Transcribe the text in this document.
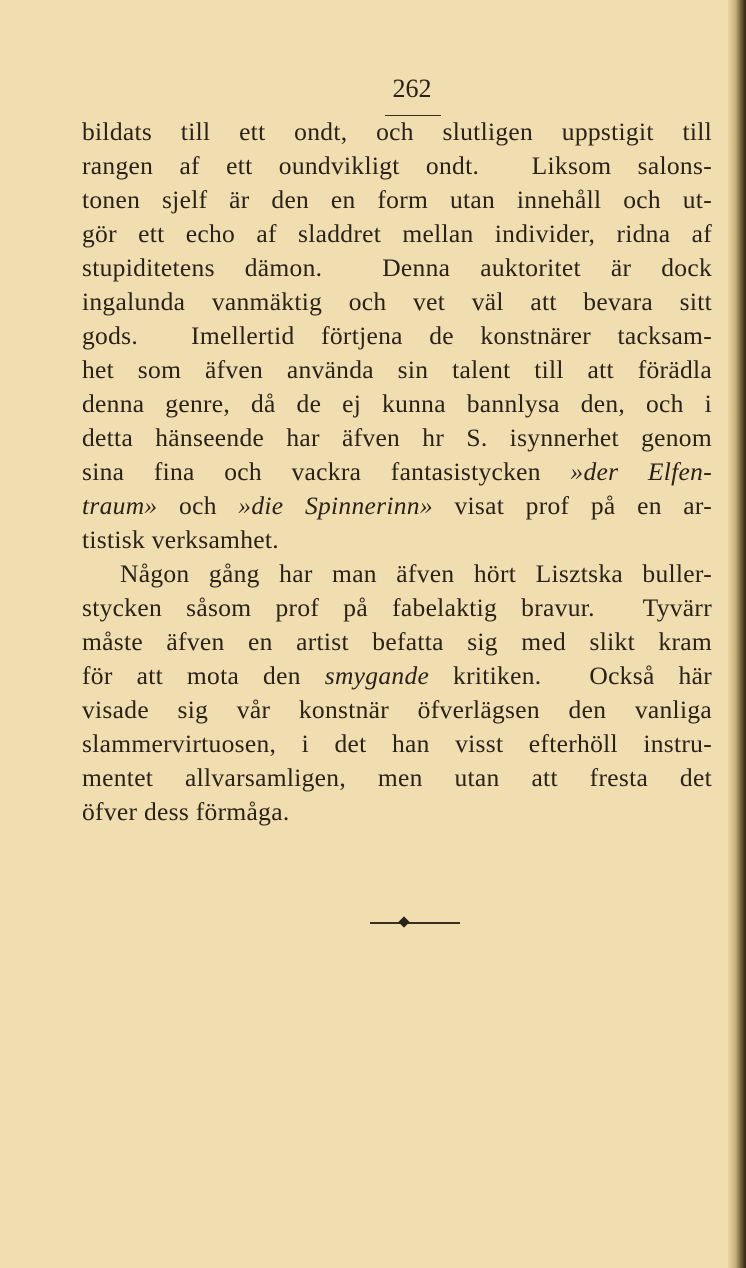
262
bildats till ett ondt, och slutligen uppstigit till
rangen af ett oundvikligt ondt.  Liksom salons-
tonen sjelf är den en form utan innehåll och ut-
gör ett echo af sladdret mellan individer, ridna af
stupiditetens dämon.  Denna auktoritet är dock
ingalunda vanmäktig och vet väl att bevara sitt
gods.  Imellertid förtjena de konstnärer tacksam-
het som äfven använda sin talent till att förädla
denna genre, då de ej kunna bannlysa den, och i
detta hänseende har äfven hr S. isynnerhet genom
sina fina och vackra fantasistycken »der Elfen-
traum» och »die Spinnerinn» visat prof på en ar-
tistisk verksamhet.
Någon gång har man äfven hört Lisztska buller-
stycken såsom prof på fabelaktig bravur.  Tyvärr
måste äfven en artist befatta sig med slikt kram
för att mota den smygande kritiken.  Också här
visade sig vår konstnär öfverlägsen den vanliga
slammervirtuosen, i det han visst efterhöll instru-
mentet allvarsamligen, men utan att fresta det
öfver dess förmåga.
